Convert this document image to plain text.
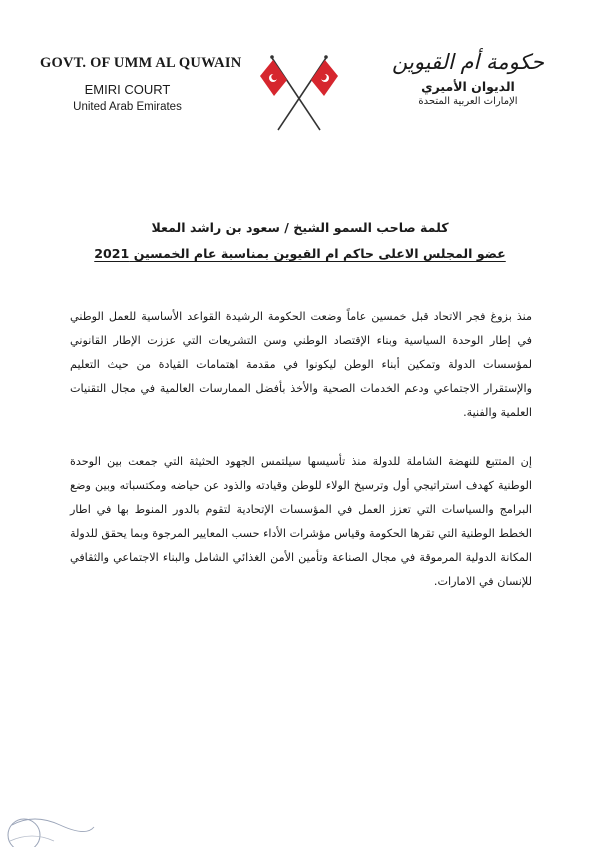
GOVT. OF UMM AL QUWAIN
EMIRI COURT
United Arab Emirates
حكومة أم القيوين
الديوان الأميري
الإمارات العربية المتحدة
كلمة صاحب السمو الشيخ / سعود بن راشد المعلا
عضو المجلس الاعلى حاكم ام القيوين بمناسبة عام الخمسين 2021
منذ بزوغ فجر الاتحاد قبل خمسين عاماً وضعت الحكومة الرشيدة القواعد الأساسية للعمل الوطني في إطار الوحدة السياسية وبناء الإقتصاد الوطني وسن التشريعات التي عززت الإطار القانوني لمؤسسات الدولة وتمكين أبناء الوطن ليكونوا في مقدمة اهتمامات القيادة من حيث التعليم والإستقرار الاجتماعي ودعم الخدمات الصحية والأخذ بأفضل الممارسات العالمية في مجال التقنيات العلمية والفنية.
إن المتتبع للنهضة الشاملة للدولة منذ تأسيسها سيلتمس الجهود الحثيثة التي جمعت بين الوحدة الوطنية كهدف استراتيجي أول وترسيخ الولاء للوطن وقيادته والذود عن حياضه ومكتسباته وبين وضع البرامج والسياسات التي تعزز العمل في المؤسسات الإتحادية لتقوم بالدور المنوط بها في اطار الخطط الوطنية التي تقرها الحكومة وقياس مؤشرات الأداء حسب المعايير المرجوة وبما يحقق للدولة المكانة الدولية المرموقة في مجال الصناعة وتأمين الأمن الغذائي الشامل والبناء الاجتماعي والثقافي للإنسان في الامارات.
